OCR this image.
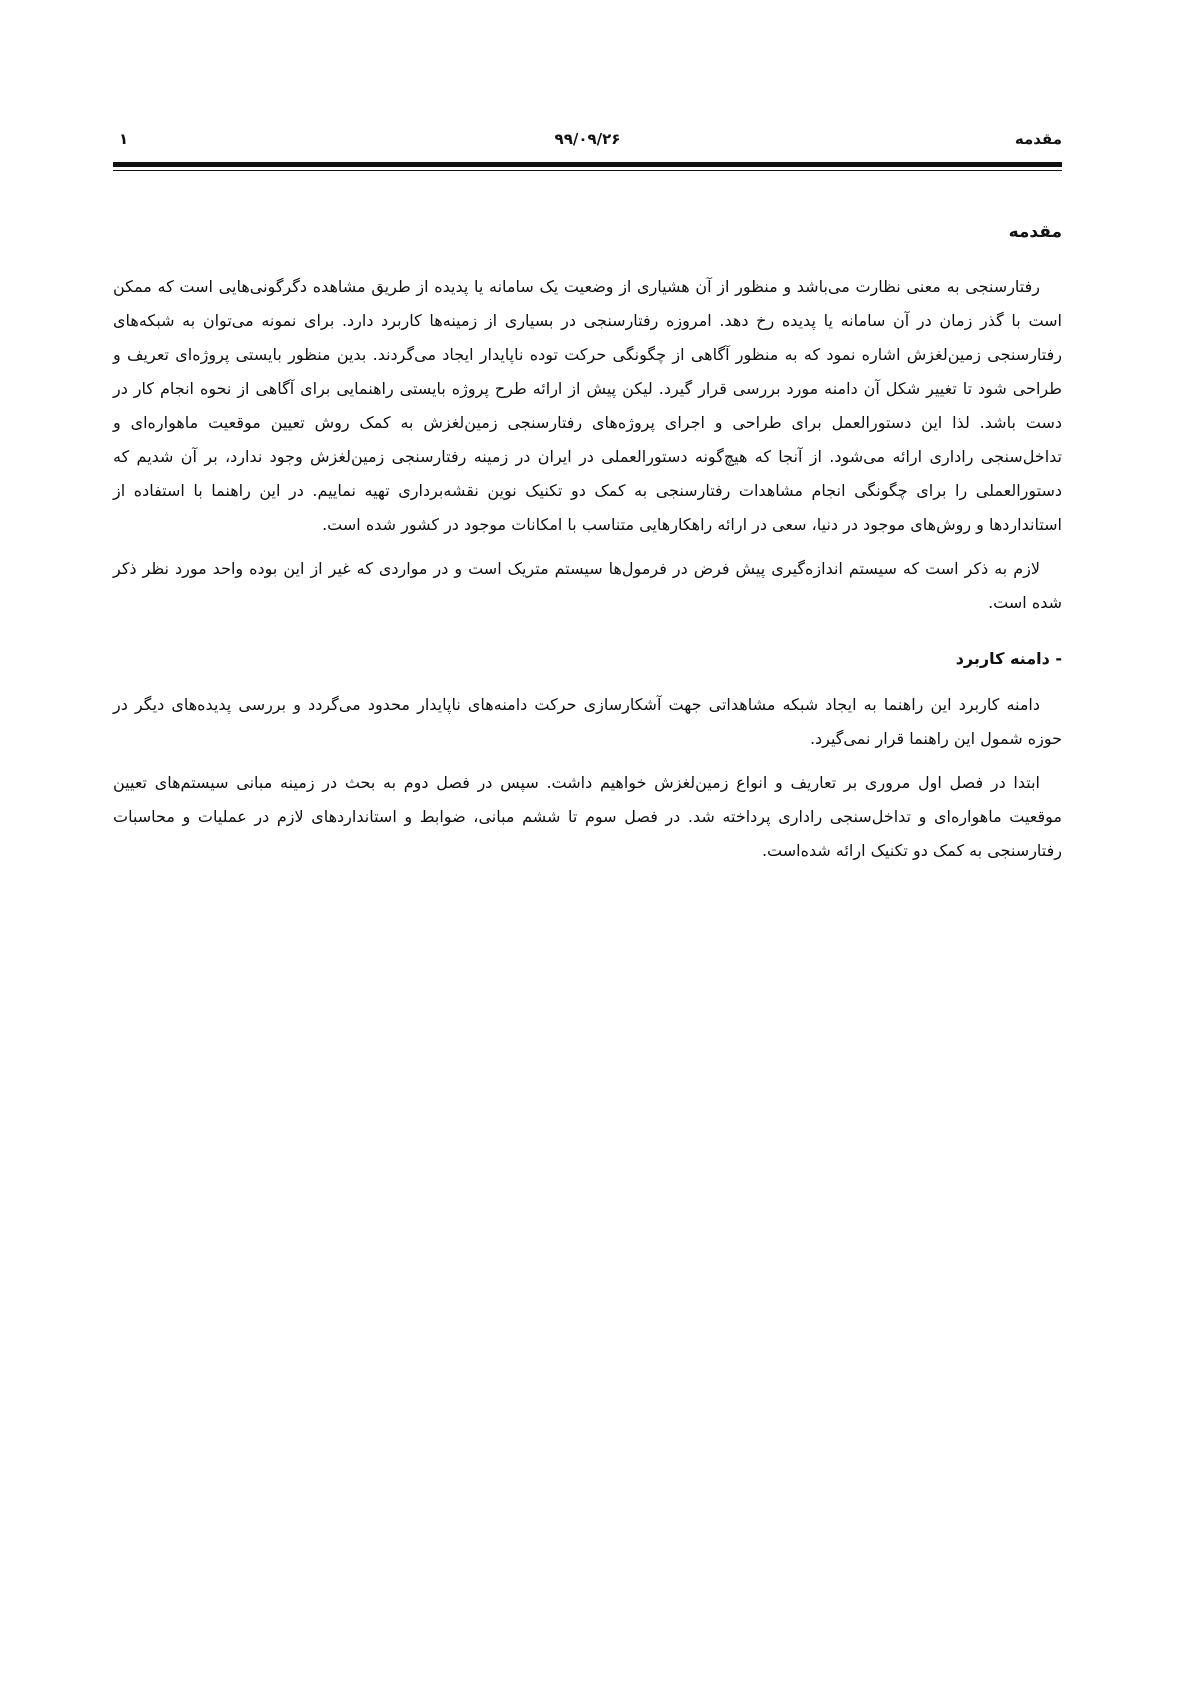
مقدمه
۹۹/۰۹/۲۶
۱
مقدمه

رفتارسنجی به معنی نظارت می‌باشد و منظور از آن هشیاری از وضعیت یک سامانه یا پدیده از طریق مشاهده دگرگونی‌هایی است که ممکن است با گذر زمان در آن سامانه یا پدیده رخ دهد. امروزه رفتارسنجی در بسیاری از زمینه‌ها کاربرد دارد. برای نمونه می‌توان به شبکه‌های رفتارسنجی زمین‌لغزش اشاره نمود که به منظور آگاهی از چگونگی حرکت توده ناپایدار ایجاد می‌گردند. بدین منظور بایستی پروژه‌ای تعریف و طراحی شود تا تغییر شکل آن دامنه مورد بررسی قرار گیرد. لیکن پیش از ارائه طرح پروژه بایستی راهنمایی برای آگاهی از نحوه انجام کار در دست باشد. لذا این دستورالعمل برای طراحی و اجرای پروژه‌های رفتارسنجی زمین‌لغزش به کمک روش تعیین موقعیت ماهواره‌ای و تداخل‌سنجی راداری ارائه می‌شود. از آنجا که هیچ‌گونه دستورالعملی در ایران در زمینه رفتارسنجی زمین‌لغزش وجود ندارد، بر آن شدیم که دستورالعملی را برای چگونگی انجام مشاهدات رفتارسنجی به کمک دو تکنیک نوین نقشه‌برداری تهیه نماییم. در این راهنما با استفاده از استانداردها و روش‌های موجود در دنیا، سعی در ارائه راهکارهایی متناسب با امکانات موجود در کشور شده است.

لازم به ذکر است که سیستم اندازه‌گیری پیش فرض در فرمول‌ها سیستم متریک است و در مواردی که غیر از این بوده واحد مورد نظر ذکر شده است.

- دامنه کاربرد

دامنه کاربرد این راهنما به ایجاد شبکه مشاهداتی جهت آشکارسازی حرکت دامنه‌های ناپایدار محدود می‌گردد و بررسی پدیده‌های دیگر در حوزه شمول این راهنما قرار نمی‌گیرد.

ابتدا در فصل اول مروری بر تعاریف و انواع زمین‌لغزش خواهیم داشت. سپس در فصل دوم به بحث در زمینه مبانی سیستم‌های تعیین موقعیت ماهواره‌ای و تداخل‌سنجی راداری پرداخته شد. در فصل سوم تا ششم مبانی، ضوابط و استانداردهای لازم در عملیات و محاسبات رفتارسنجی به کمک دو تکنیک ارائه شده‌است.
